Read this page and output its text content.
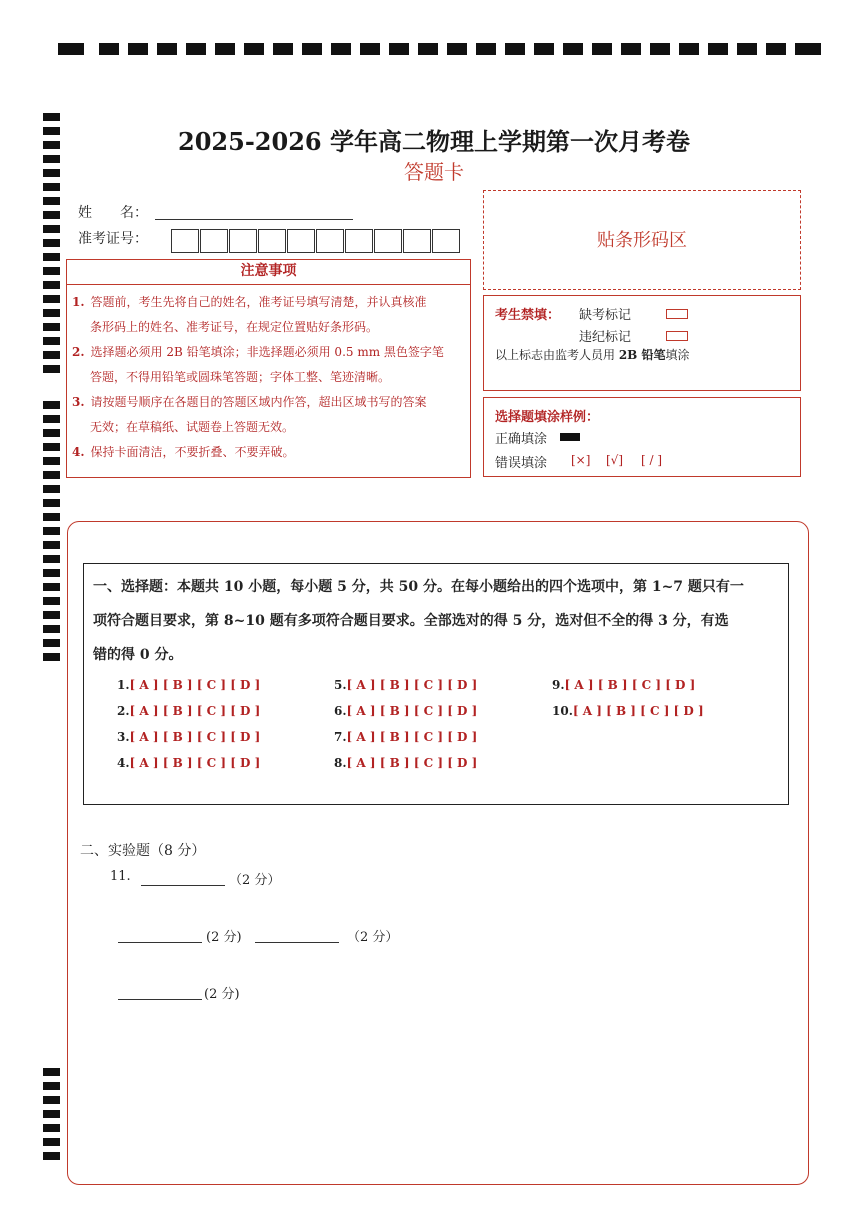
2025-2026 学年高二物理上学期第一次月考卷
答题卡
姓　　名：
准考证号：
注意事项
1. 答题前，考生先将自己的姓名，准考证号填写清楚，并认真核准
条形码上的姓名、准考证号，在规定位置贴好条形码。
2. 选择题必须用 2B 铅笔填涂；非选择题必须用 0.5 mm 黑色签字笔
答题，不得用铅笔或圆珠笔答题；字体工整、笔迹清晰。
3. 请按题号顺序在各题目的答题区域内作答，超出区域书写的答案
无效；在草稿纸、试题卷上答题无效。
4. 保持卡面清洁，不要折叠、不要弄破。
贴条形码区
考生禁填： 缺考标记
违纪标记
以上标志由监考人员用 2B 铅笔填涂
选择题填涂样例：
正确填涂
错误填涂 [×] [√] [ / ]
一、选择题：本题共 10 小题，每小题 5 分，共 50 分。在每小题给出的四个选项中，第 1~7 题只有一
项符合题目要求，第 8~10 题有多项符合题目要求。全部选对的得 5 分，选对但不全的得 3 分，有选
错的得 0 分。
1.[ A ] [ B ] [ C ] [ D ]
2.[ A ] [ B ] [ C ] [ D ]
3.[ A ] [ B ] [ C ] [ D ]
4.[ A ] [ B ] [ C ] [ D ]
5.[ A ] [ B ] [ C ] [ D ]
6.[ A ] [ B ] [ C ] [ D ]
7.[ A ] [ B ] [ C ] [ D ]
8.[ A ] [ B ] [ C ] [ D ]
9.[ A ] [ B ] [ C ] [ D ]
10.[ A ] [ B ] [ C ] [ D ]
二、实验题（8 分）
11.	（2 分）
(2 分)	（2 分）
(2 分)
